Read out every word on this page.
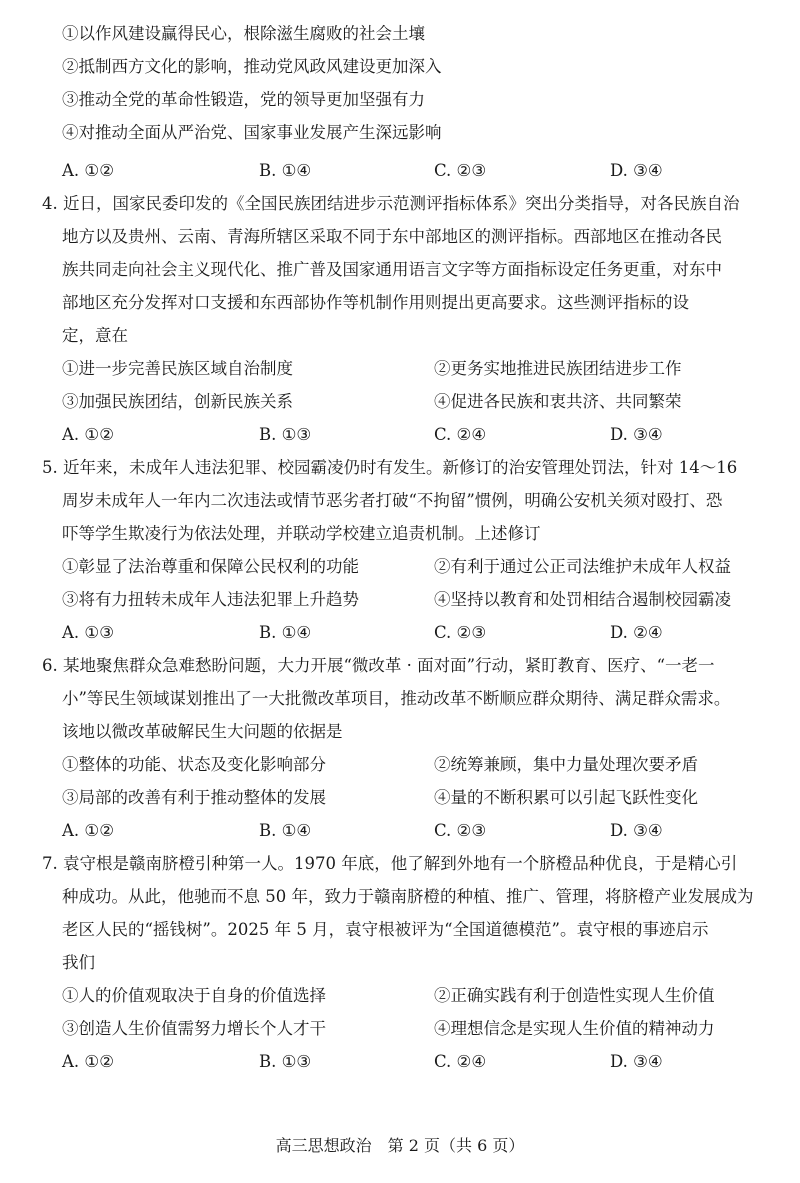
①以作风建设赢得民心，根除滋生腐败的社会土壤
②抵制西方文化的影响，推动党风政风建设更加深入
③推动全党的革命性锻造，党的领导更加坚强有力
④对推动全面从严治党、国家事业发展产生深远影响
A. ①②	B. ①④	C. ②③	D. ③④
4. 近日，国家民委印发的《全国民族团结进步示范测评指标体系》突出分类指导，对各民族自治
地方以及贵州、云南、青海所辖区采取不同于东中部地区的测评指标。西部地区在推动各民
族共同走向社会主义现代化、推广普及国家通用语言文字等方面指标设定任务更重，对东中
部地区充分发挥对口支援和东西部协作等机制作用则提出更高要求。这些测评指标的设
定，意在
①进一步完善民族区域自治制度	②更务实地推进民族团结进步工作
③加强民族团结，创新民族关系	④促进各民族和衷共济、共同繁荣
A. ①②	B. ①③	C. ②④	D. ③④
5. 近年来，未成年人违法犯罪、校园霸凌仍时有发生。新修订的治安管理处罚法，针对 14～16
周岁未成年人一年内二次违法或情节恶劣者打破“不拘留”惯例，明确公安机关须对殴打、恐
吓等学生欺凌行为依法处理，并联动学校建立追责机制。上述修订
①彰显了法治尊重和保障公民权利的功能	②有利于通过公正司法维护未成年人权益
③将有力扭转未成年人违法犯罪上升趋势	④坚持以教育和处罚相结合遏制校园霸凌
A. ①③	B. ①④	C. ②③	D. ②④
6. 某地聚焦群众急难愁盼问题，大力开展“微改革 · 面对面”行动，紧盯教育、医疗、“一老一
小”等民生领域谋划推出了一大批微改革项目，推动改革不断顺应群众期待、满足群众需求。
该地以微改革破解民生大问题的依据是
①整体的功能、状态及变化影响部分	②统筹兼顾，集中力量处理次要矛盾
③局部的改善有利于推动整体的发展	④量的不断积累可以引起飞跃性变化
A. ①②	B. ①④	C. ②③	D. ③④
7. 袁守根是赣南脐橙引种第一人。1970 年底，他了解到外地有一个脐橙品种优良，于是精心引
种成功。从此，他驰而不息 50 年，致力于赣南脐橙的种植、推广、管理，将脐橙产业发展成为
老区人民的“摇钱树”。2025 年 5 月，袁守根被评为“全国道德模范”。袁守根的事迹启示
我们
①人的价值观取决于自身的价值选择	②正确实践有利于创造性实现人生价值
③创造人生价值需努力增长个人才干	④理想信念是实现人生价值的精神动力
A. ①②	B. ①③	C. ②④	D. ③④
高三思想政治　第 2 页（共 6 页）
